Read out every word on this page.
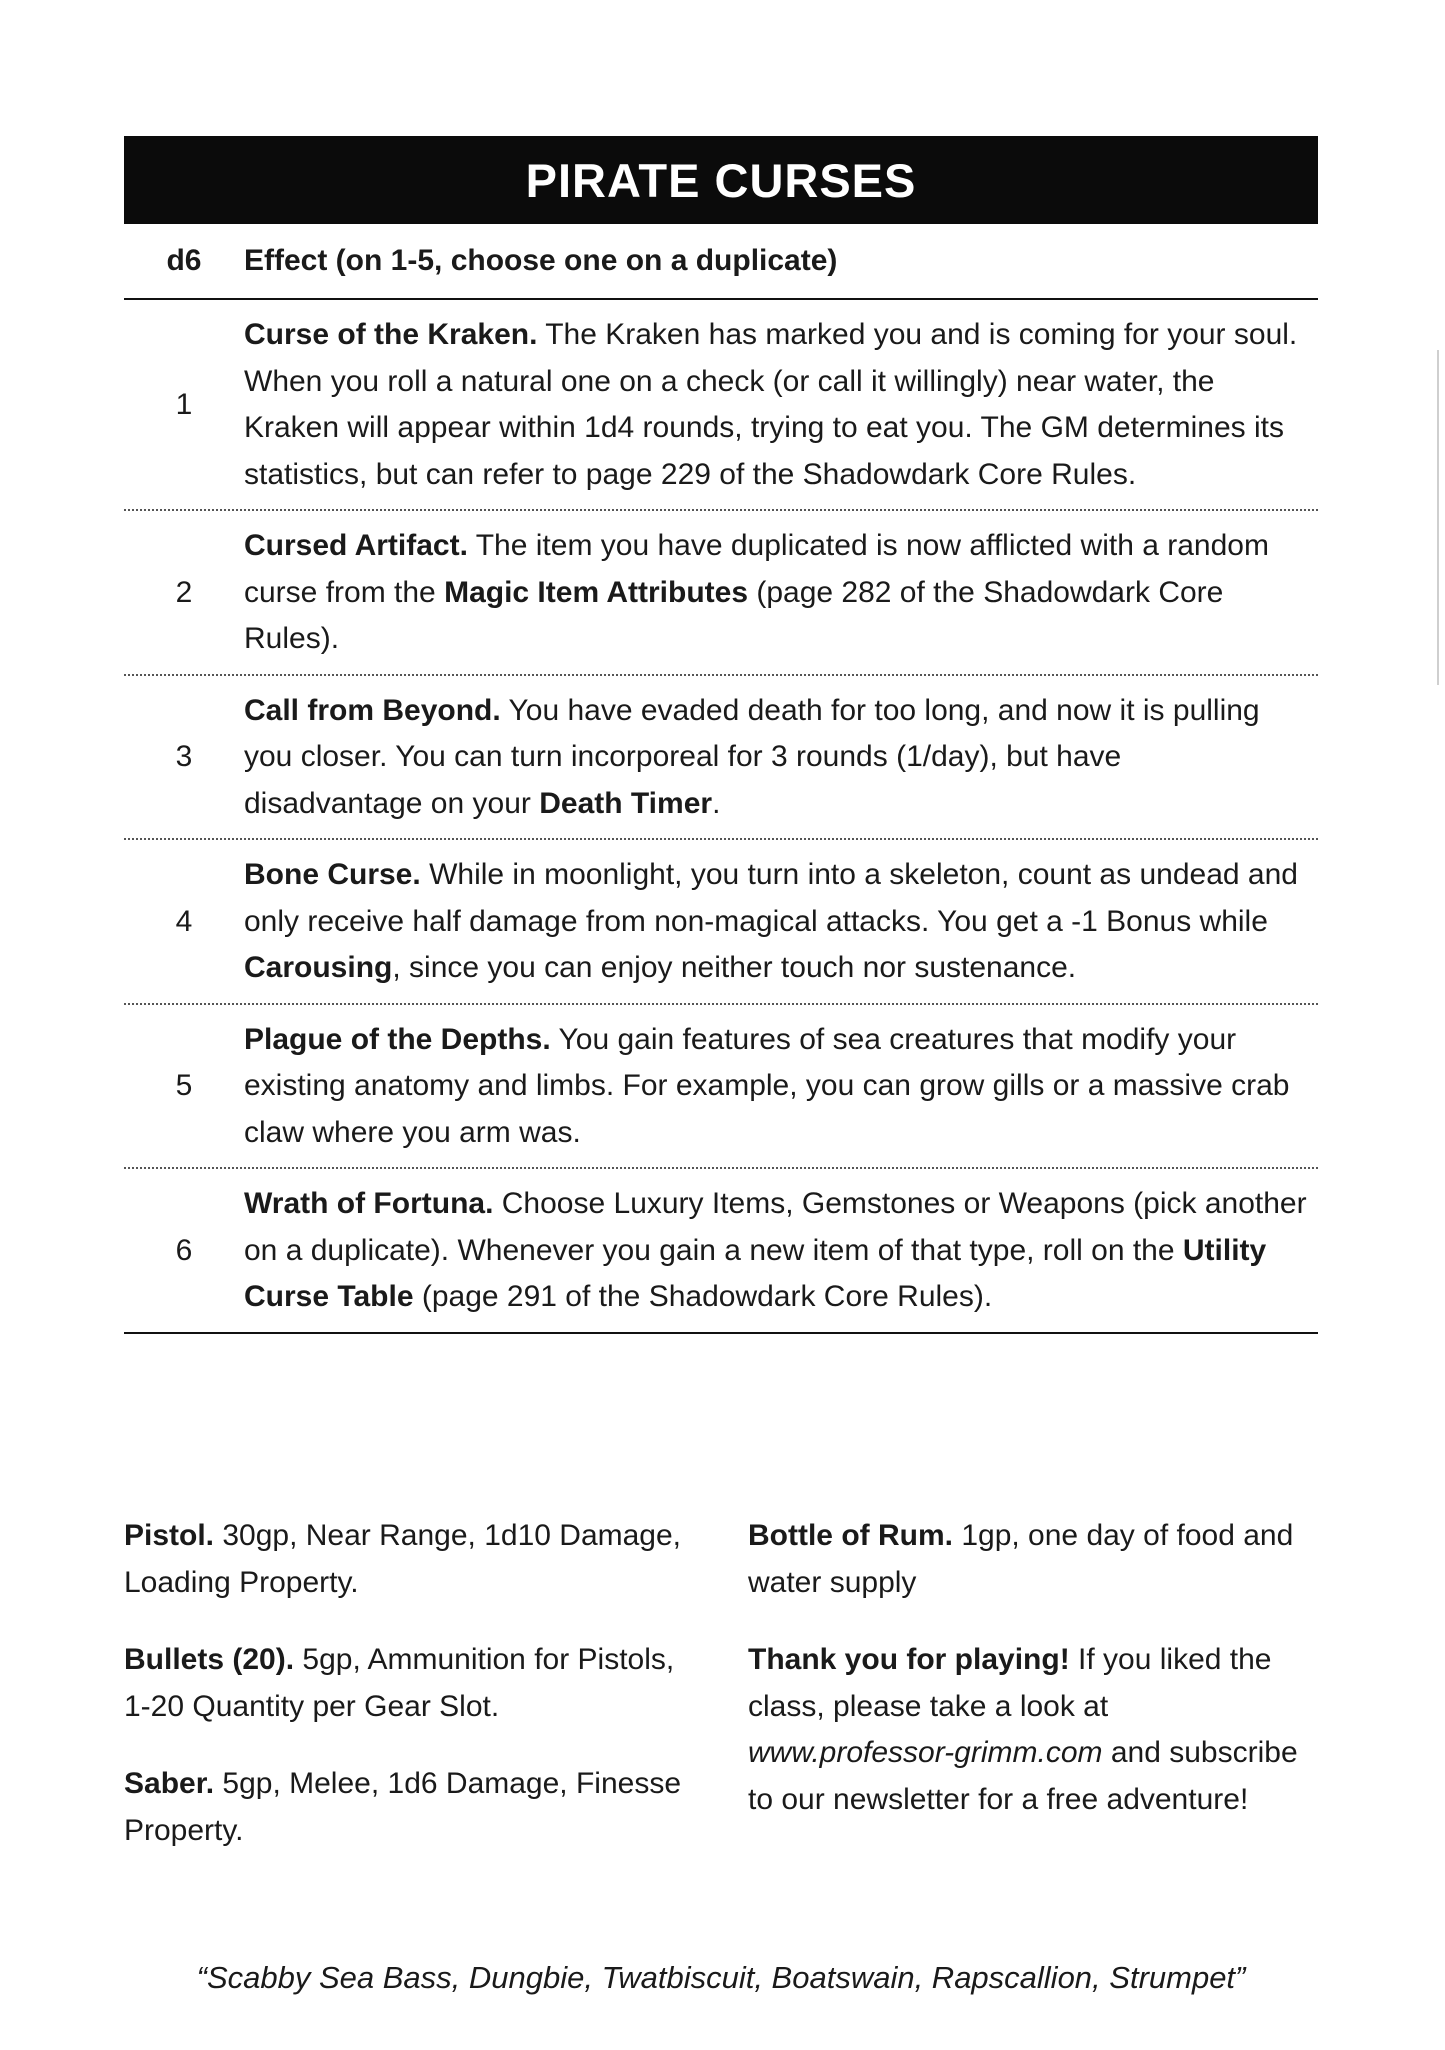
PIRATE CURSES
d6	Effect (on 1-5, choose one on a duplicate)
1
Curse of the Kraken. The Kraken has marked you and is coming for your soul. When you roll a natural one on a check (or call it willingly) near water, the Kraken will appear within 1d4 rounds, trying to eat you. The GM determines its statistics, but can refer to page 229 of the Shadowdark Core Rules.
2
Cursed Artifact. The item you have duplicated is now afflicted with a random curse from the Magic Item Attributes (page 282 of the Shadowdark Core Rules).
3
Call from Beyond. You have evaded death for too long, and now it is pulling you closer. You can turn incorporeal for 3 rounds (1/day), but have disadvantage on your Death Timer.
4
Bone Curse. While in moonlight, you turn into a skeleton, count as undead and only receive half damage from non-magical attacks. You get a -1 Bonus while Carousing, since you can enjoy neither touch nor sustenance.
5
Plague of the Depths. You gain features of sea creatures that modify your existing anatomy and limbs. For example, you can grow gills or a massive crab claw where you arm was.
6
Wrath of Fortuna. Choose Luxury Items, Gemstones or Weapons (pick another on a duplicate). Whenever you gain a new item of that type, roll on the Utility Curse Table (page 291 of the Shadowdark Core Rules).

Pistol. 30gp, Near Range, 1d10 Damage, Loading Property.

Bullets (20). 5gp, Ammunition for Pistols, 1-20 Quantity per Gear Slot.

Saber. 5gp, Melee, 1d6 Damage, Finesse Property.

Bottle of Rum. 1gp, one day of food and water supply

Thank you for playing! If you liked the class, please take a look at www.professor-grimm.com and subscribe to our newsletter for a free adventure!

“Scabby Sea Bass, Dungbie, Twatbiscuit, Boatswain, Rapscallion, Strumpet”
